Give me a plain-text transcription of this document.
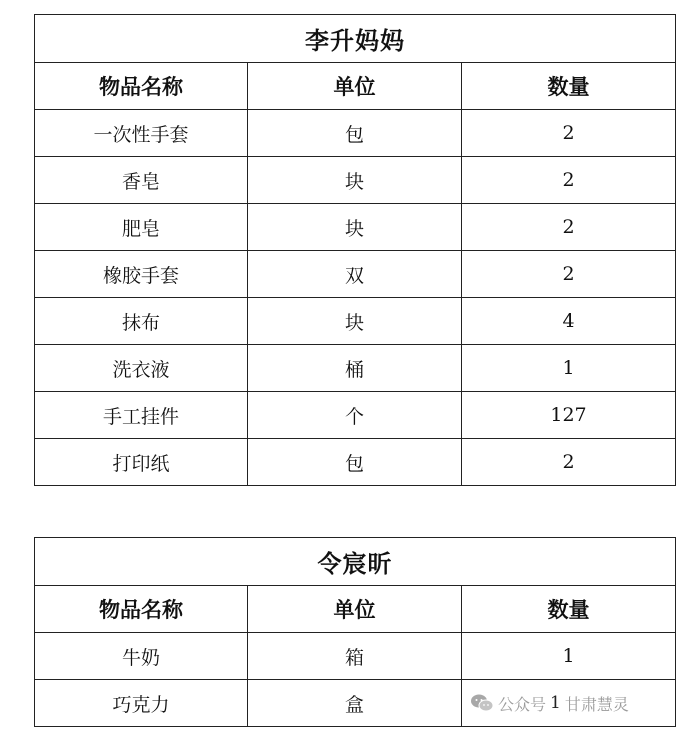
李升妈妈		
物品名称	单位	数量
一次性手套	包	2
香皂	块	2
肥皂	块	2
橡胶手套	双	2
抹布	块	4
洗衣液	桶	1
手工挂件	个	127
打印纸	包	2
令宸昕		
物品名称	单位	数量
牛奶	箱	1
巧克力	盒		公众号 1 甘肃慧灵
